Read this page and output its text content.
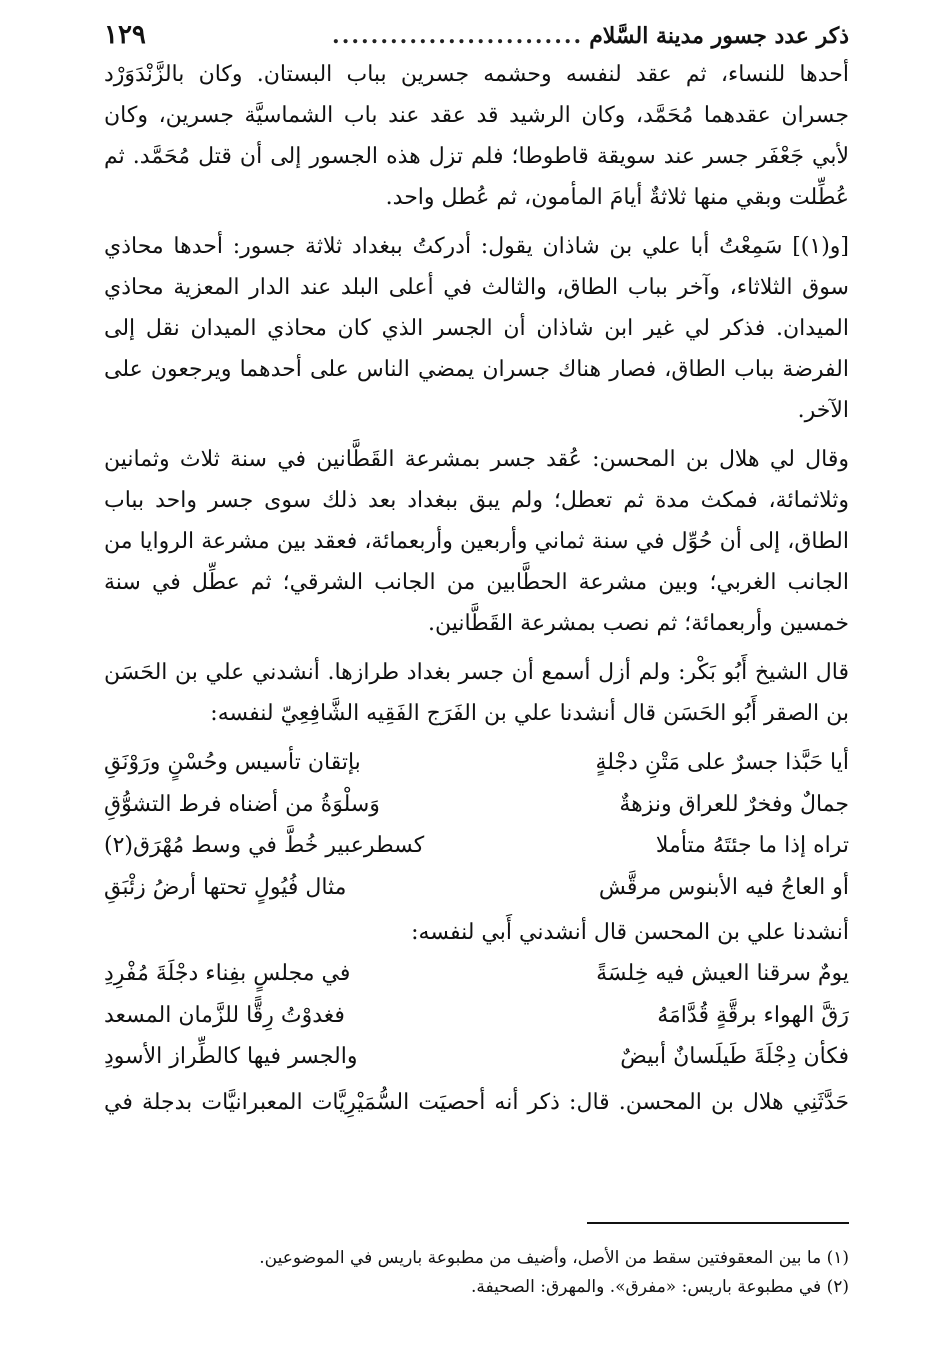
ذكر عدد جسور مدينة السَّلام
..........................
١٢٩

أحدها للنساء، ثم عقد لنفسه وحشمه جسرين بباب البستان. وكان بالزَّنْدَوَرْد جسران عقدهما مُحَمَّد، وكان الرشيد قد عقد عند باب الشماسيَّة جسرين، وكان لأبي جَعْفَر جسر عند سويقة قاطوطا؛ فلم تزل هذه الجسور إلى أن قتل مُحَمَّد. ثم عُطِّلت وبقي منها ثلاثةٌ أيامَ المأمون، ثم عُطل واحد.

[و(١)] سَمِعْتُ أبا علي بن شاذان يقول: أدركتُ ببغداد ثلاثة جسور: أحدها محاذي سوق الثلاثاء، وآخر بباب الطاق، والثالث في أعلى البلد عند الدار المعزية محاذي الميدان. فذكر لي غير ابن شاذان أن الجسر الذي كان محاذي الميدان نقل إلى الفرضة بباب الطاق، فصار هناك جسران يمضي الناس على أحدهما ويرجعون على الآخر.

وقال لي هلال بن المحسن: عُقد جسر بمشرعة القَطَّانين في سنة ثلاث وثمانين وثلاثمائة، فمكث مدة ثم تعطل؛ ولم يبق ببغداد بعد ذلك سوى جسر واحد بباب الطاق، إلى أن حُوِّل في سنة ثماني وأربعين وأربعمائة، فعقد بين مشرعة الروايا من الجانب الغربي؛ وبين مشرعة الحطَّابين من الجانب الشرقي؛ ثم عطِّل في سنة خمسين وأربعمائة؛ ثم نصب بمشرعة القَطَّانين.

قال الشيخ أَبُو بَكْر: ولم أزل أسمع أن جسر بغداد طرازها. أنشدني علي بن الحَسَن بن الصقر أَبُو الحَسَن قال أنشدنا علي بن الفَرَج الفَقِيه الشَّافِعِيّ لنفسه:

أيا حَبَّذا جسرٌ على مَتْنِ دجْلةٍ
بإتقان تأسيس وحُسْنٍ ورَوْنَقِ
جمالٌ وفخرٌ للعراق ونزهةٌ
وَسلْوَةُ من أضناه فرط التشوُّقِ
تراه إذا ما جئتَهُ متأملا
كسطرعبير خُطَّ في وسط مُهْرَق(٢)
أو العاجُ فيه الأبنوس مرقَّش
مثال فُيُولٍ تحتها أرضُ زئْبَقِ

أنشدنا علي بن المحسن قال أنشدني أَبي لنفسه:

يومٌ سرقنا العيش فيه خِلسَةً
في مجلسٍ بفِناء دجْلَةَ مُفْرِدِ
رَقَّ الهواء برقَّةٍ قُدَّامَهُ
فغدوْتُ رِقًّا للزَّمان المسعد
فكأن دِجْلَةَ طَيلَسانٌ أبيضٌ
والجسر فيها كالطِّراز الأسودِ

حَدَّثَنِي هلال بن المحسن. قال: ذكر أنه أحصيَت السُّمَيْرِيَّات المعبرانيَّات بدجلة في

(١) ما بين المعقوفتين سقط من الأصل، وأضيف من مطبوعة باريس في الموضوعين.
(٢) في مطبوعة باريس: «مفرق». والمهرق: الصحيفة.
